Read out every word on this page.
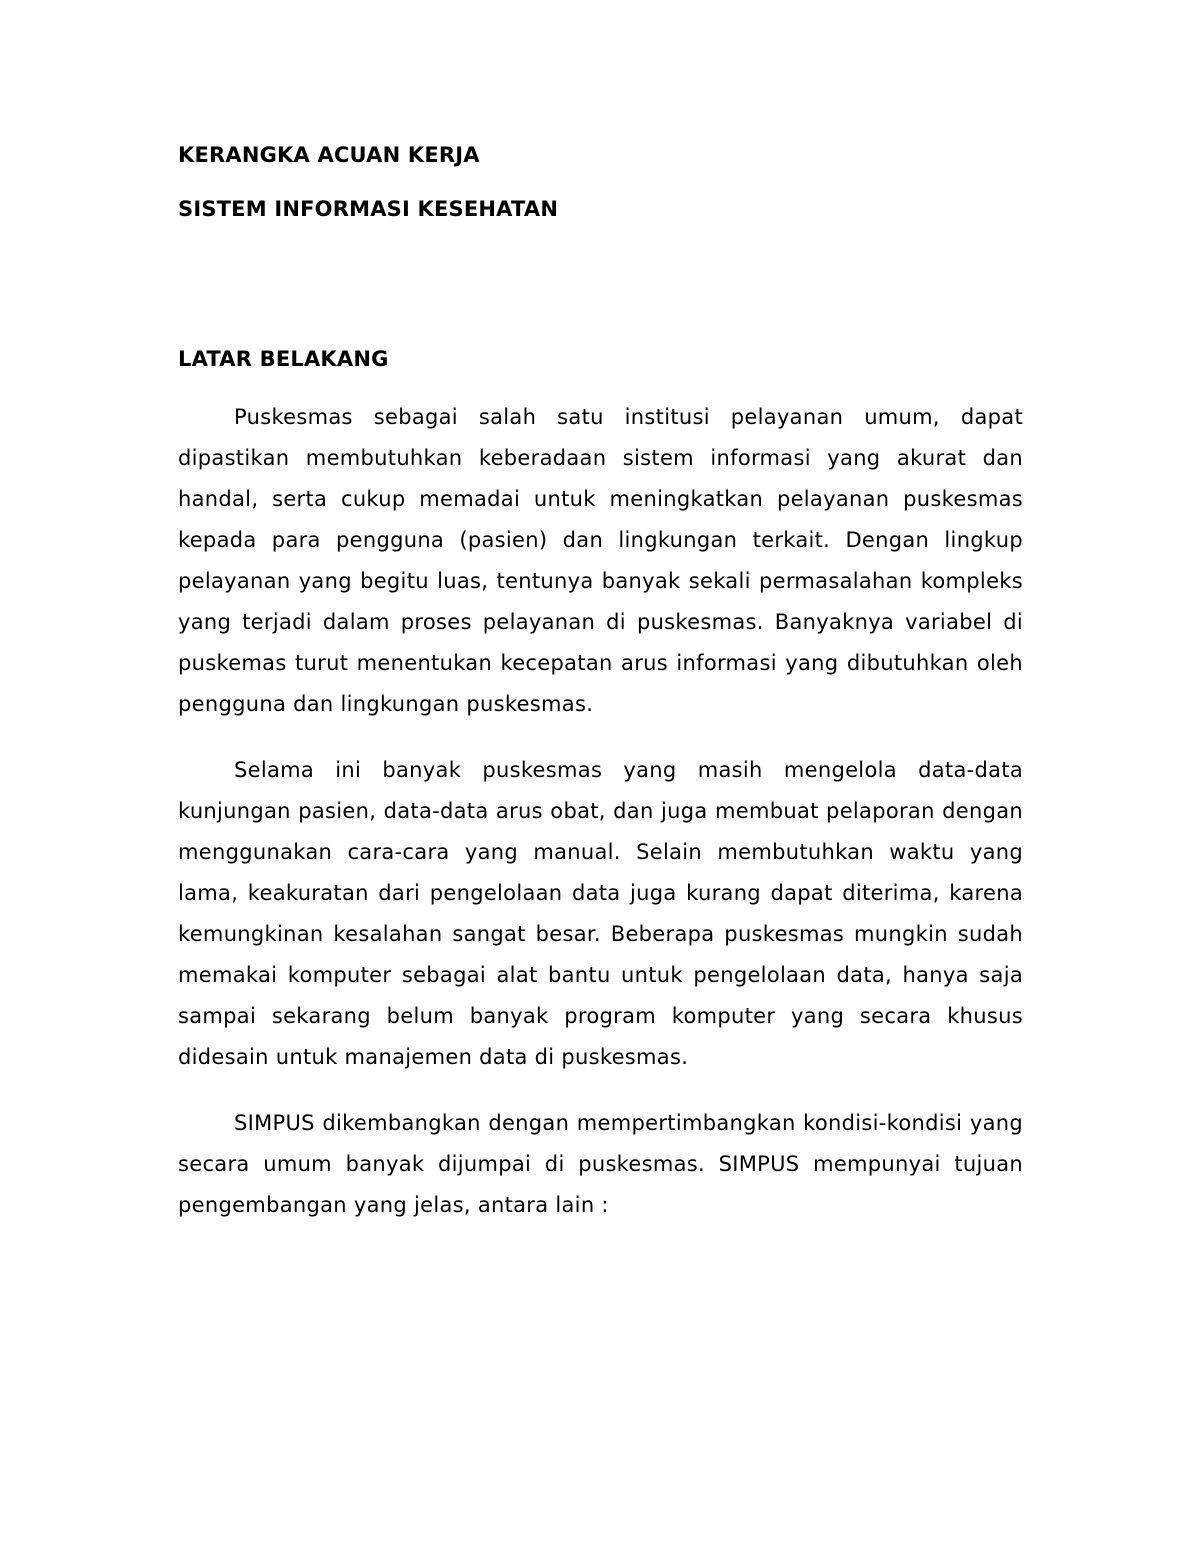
KERANGKA ACUAN KERJA

SISTEM INFORMASI KESEHATAN

LATAR BELAKANG

Puskesmas sebagai salah satu institusi pelayanan umum, dapat dipastikan membutuhkan keberadaan sistem informasi yang akurat dan handal, serta cukup memadai untuk meningkatkan pelayanan puskesmas kepada para pengguna (pasien) dan lingkungan terkait. Dengan lingkup pelayanan yang begitu luas, tentunya banyak sekali permasalahan kompleks yang terjadi dalam proses pelayanan di puskesmas. Banyaknya variabel di puskemas turut menentukan kecepatan arus informasi yang dibutuhkan oleh pengguna dan lingkungan puskesmas.

Selama ini banyak puskesmas yang masih mengelola data-data kunjungan pasien, data-data arus obat, dan juga membuat pelaporan dengan menggunakan cara-cara yang manual. Selain membutuhkan waktu yang lama, keakuratan dari pengelolaan data juga kurang dapat diterima, karena kemungkinan kesalahan sangat besar. Beberapa puskesmas mungkin sudah memakai komputer sebagai alat bantu untuk pengelolaan data, hanya saja sampai sekarang belum banyak program komputer yang secara khusus didesain untuk manajemen data di puskesmas.

SIMPUS dikembangkan dengan mempertimbangkan kondisi-kondisi yang secara umum banyak dijumpai di puskesmas. SIMPUS mempunyai tujuan pengembangan yang jelas, antara lain :
